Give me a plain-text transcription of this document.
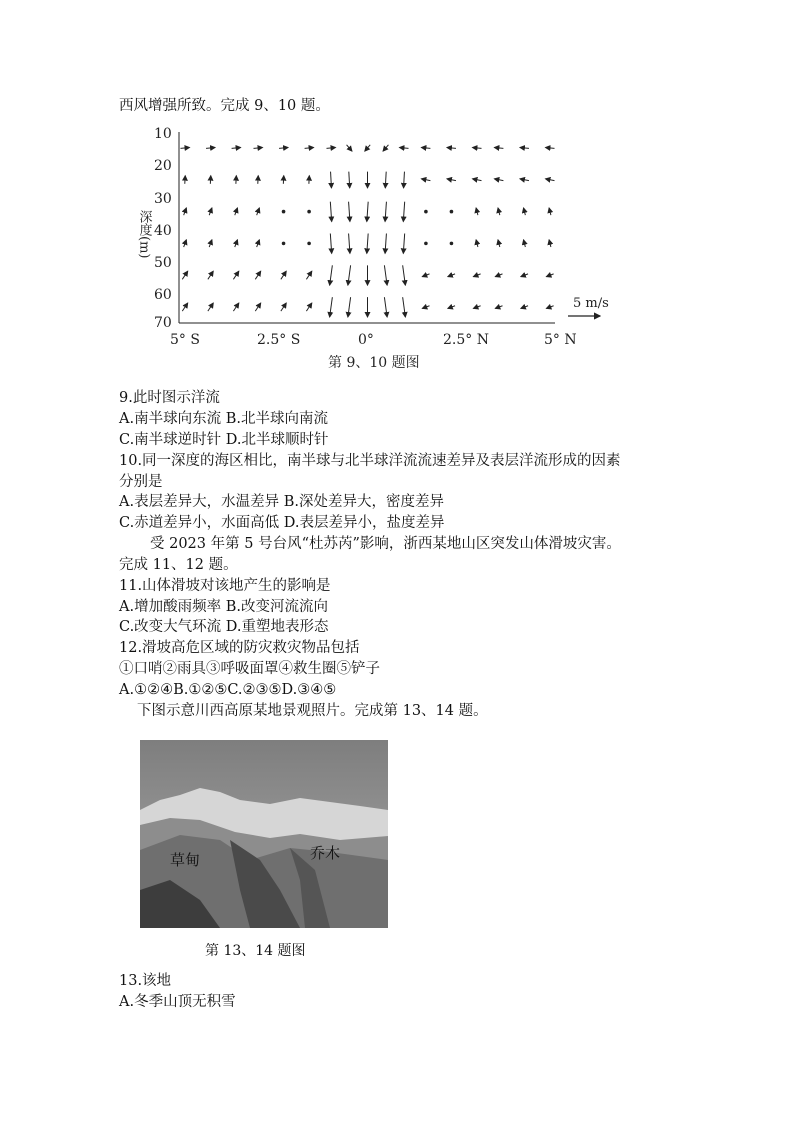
西风增强所致。完成 9、10 题。
10
20
30
40
50
60
70
深度(m)
5° S	2.5° S	0°	2.5° N	5° N
5 m/s
第 9、10 题图
9.此时图示洋流
A.南半球向东流 B.北半球向南流
C.南半球逆时针 D.北半球顺时针
10.同一深度的海区相比，南半球与北半球洋流流速差异及表层洋流形成的因素
分别是
A.表层差异大，水温差异 B.深处差异大，密度差异
C.赤道差异小，水面高低 D.表层差异小，盐度差异
受 2023 年第 5 号台风“杜苏芮”影响，浙西某地山区突发山体滑坡灾害。
完成 11、12 题。
11.山体滑坡对该地产生的影响是
A.增加酸雨频率 B.改变河流流向
C.改变大气环流 D.重塑地表形态
12.滑坡高危区域的防灾救灾物品包括
①口哨②雨具③呼吸面罩④救生圈⑤铲子
A.①②④B.①②⑤C.②③⑤D.③④⑤
下图示意川西高原某地景观照片。完成第 13、14 题。
草甸	乔木
第 13、14 题图
13.该地
A.冬季山顶无积雪
